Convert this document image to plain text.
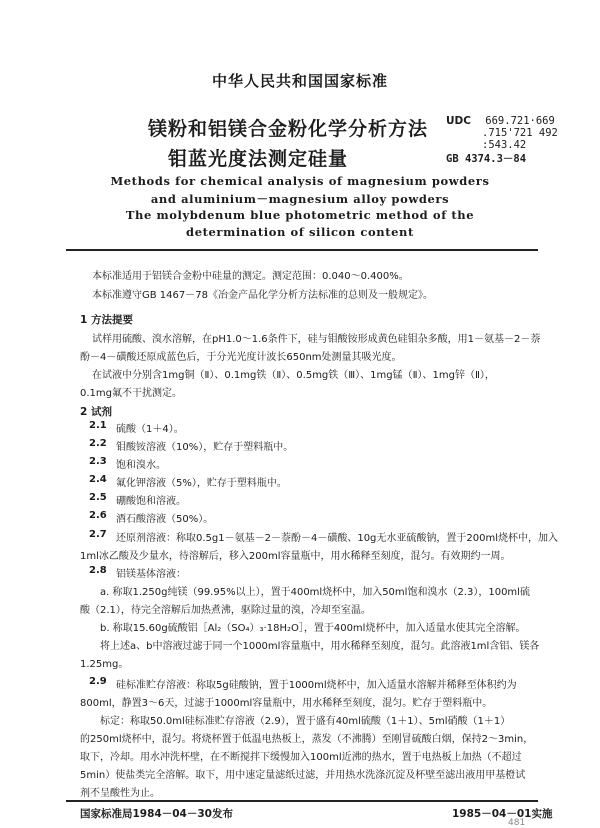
中华人民共和国国家标准
UDC 669.721·669
.715'721 492
:543.42
GB 4374.3－84
镁粉和铝镁合金粉化学分析方法
钼蓝光度法测定硅量
Methods for chemical analysis of magnesium powders
and aluminium－magnesium alloy powders
The molybdenum blue photometric method of the
determination of silicon content
本标准适用于铝镁合金粉中硅量的测定。测定范围：0.040～0.400%。
本标准遵守GB 1467－78《冶金产品化学分析方法标准的总则及一般规定》。
1 方法提要
试样用硫酸、溴水溶解，在pH1.0～1.6条件下，硅与钼酸铵形成黄色硅钼杂多酸，用1－氨基－2－萘
酚－4－磺酸还原成蓝色后，于分光光度计波长650nm处测量其吸光度。
在试液中分别含1mg铜（Ⅱ）、0.1mg铁（Ⅱ）、0.5mg铁（Ⅲ）、1mg锰（Ⅱ）、1mg锌（Ⅱ），
0.1mg氟不干扰测定。
2 试剂
2.1 硫酸（1＋4）。
2.2 钼酸铵溶液（10%），贮存于塑料瓶中。
2.3 饱和溴水。
2.4 氟化钾溶液（5%），贮存于塑料瓶中。
2.5 硼酸饱和溶液。
2.6 酒石酸溶液（50%）。
2.7 还原剂溶液：称取0.5g1－氨基－2－萘酚－4－磺酸、10g无水亚硫酸钠，置于200ml烧杯中，加入
1ml冰乙酸及少量水，待溶解后，移入200ml容量瓶中，用水稀释至刻度，混匀。有效期约一周。
2.8 铝镁基体溶液：
a. 称取1.250g纯镁（99.95%以上），置于400ml烧杯中，加入50ml饱和溴水（2.3），100ml硫
酸（2.1），待完全溶解后加热煮沸，驱除过量的溴，冷却至室温。
b. 称取15.60g硫酸铝［Al₂（SO₄）₃·18H₂O］，置于400ml烧杯中，加入适量水使其完全溶解。
将上述a、b中溶液过滤于同一个1000ml容量瓶中，用水稀释至刻度，混匀。此溶液1ml含铝、镁各
1.25mg。
2.9 硅标准贮存溶液：称取5g硅酸钠，置于1000ml烧杯中，加入适量水溶解并稀释至体积约为
800ml，静置3～6天，过滤于1000ml容量瓶中，用水稀释至刻度，混匀。贮存于塑料瓶中。
标定：称取50.0ml硅标准贮存溶液（2.9），置于盛有40ml硫酸（1＋1）、5ml硝酸（1＋1）
的250ml烧杯中，混匀。将烧杯置于低温电热板上，蒸发（不沸腾）至刚冒硫酸白烟，保持2～3min，
取下，冷却。用水冲洗杯壁，在不断搅拌下缓慢加入100ml近沸的热水，置于电热板上加热（不超过
5min）使盐类完全溶解。取下，用中速定量滤纸过滤，并用热水洗涤沉淀及杯壁至滤出液用甲基橙试
剂不呈酸性为止。
国家标准局1984－04－30发布	1985－04－01实施
481
